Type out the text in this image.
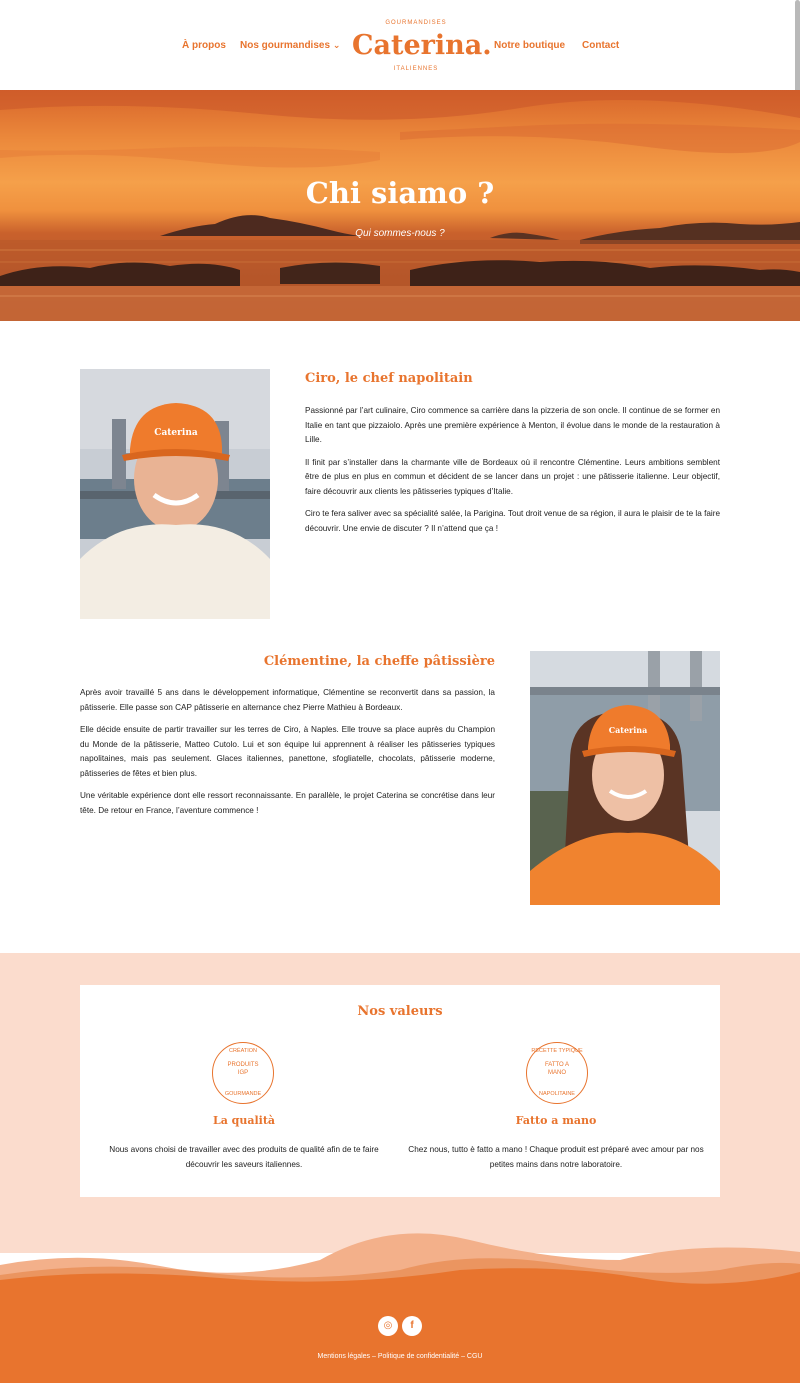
À propos Nos gourmandises ⌄
GOURMANDISES
Caterina.
ITALIENNES
Notre boutique Contact
Chi siamo ?
Qui sommes-nous ?
Caterina
Ciro, le chef napolitain

Passionné par l’art culinaire, Ciro commence sa carrière dans la pizzeria de son oncle. Il continue de se former en Italie en tant que pizzaiolo. Après une première expérience à Menton, il évolue dans le monde de la restauration à Lille.

Il finit par s’installer dans la charmante ville de Bordeaux où il rencontre Clémentine. Leurs ambitions semblent être de plus en plus en commun et décident de se lancer dans un projet : une pâtisserie italienne. Leur objectif, faire découvrir aux clients les pâtisseries typiques d’Italie.

Ciro te fera saliver avec sa spécialité salée, la Parigina. Tout droit venue de sa région, il aura le plaisir de te la faire découvrir. Une envie de discuter ? Il n’attend que ça !

Clémentine, la cheffe pâtissière

Après avoir travaillé 5 ans dans le développement informatique, Clémentine se reconvertit dans sa passion, la pâtisserie. Elle passe son CAP pâtisserie en alternance chez Pierre Mathieu à Bordeaux.

Elle décide ensuite de partir travailler sur les terres de Ciro, à Naples. Elle trouve sa place auprès du Champion du Monde de la pâtisserie, Matteo Cutolo. Lui et son équipe lui apprennent à réaliser les pâtisseries typiques napolitaines, mais pas seulement. Glaces italiennes, panettone, sfogliatelle, chocolats, pâtisserie moderne, pâtisseries de fêtes et bien plus.

Une véritable expérience dont elle ressort reconnaissante. En parallèle, le projet Caterina se concrétise dans leur tête. De retour en France, l’aventure commence !

Caterina
Nos valeurs
CRÉATION
PRODUITS IGP
GOURMANDE
La qualità
Nous avons choisi de travailler avec des produits de qualité afin de te faire découvrir les saveurs italiennes.
RECETTE TYPIQUE
FATTO A MANO
NAPOLITAINE
Fatto a mano
Chez nous, tutto è fatto a mano ! Chaque produit est préparé avec amour par nos petites mains dans notre laboratoire.
◎	f
Mentions légales – Politique de confidentialité – CGU
